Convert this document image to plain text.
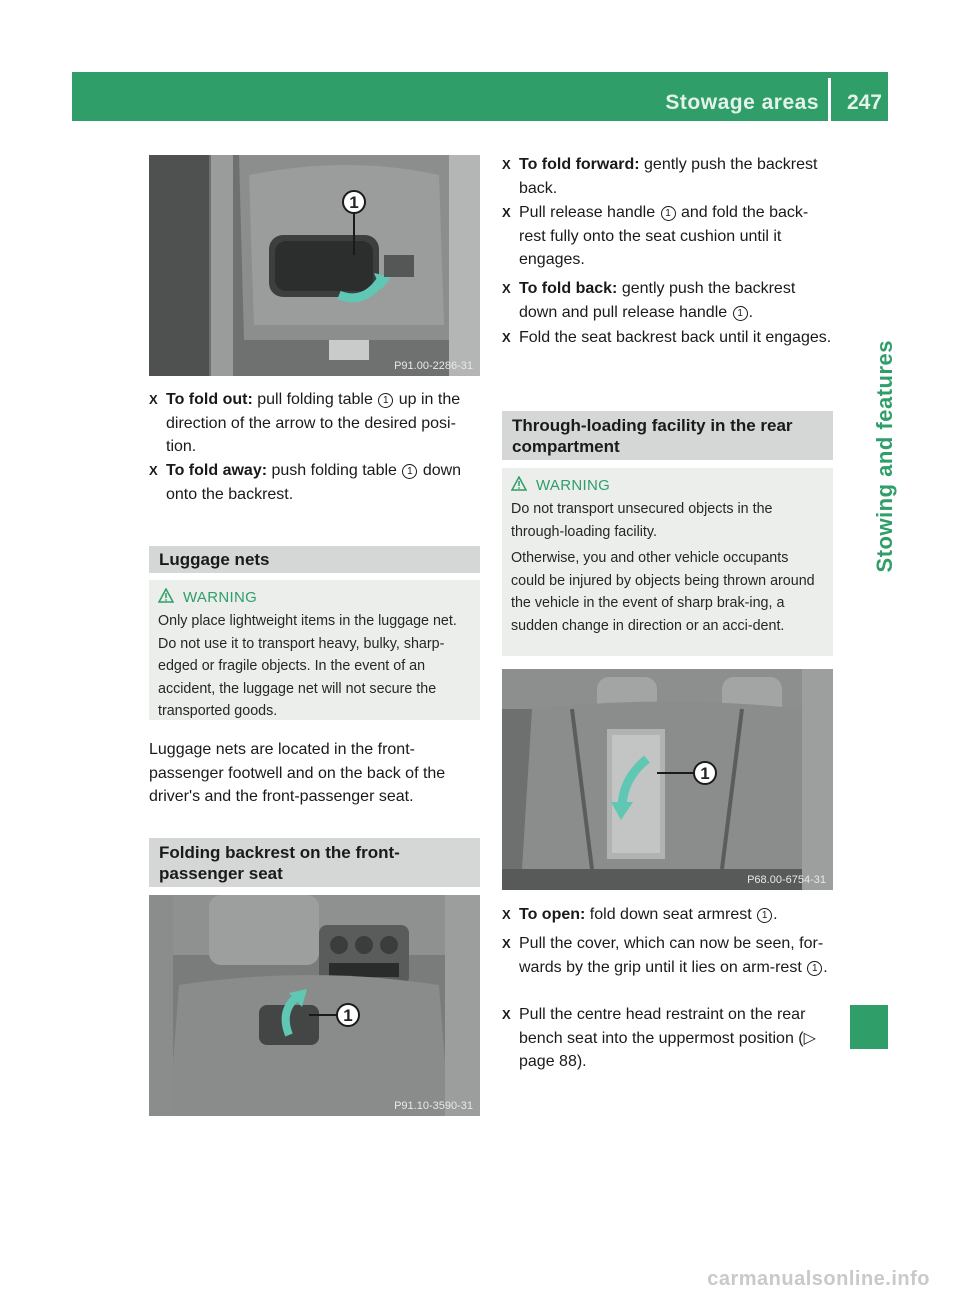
Stowage areas 247
Stowing and features
1
P91.00-2286-31
X To fold out: pull folding table 1 up in the direction of the arrow to the desired posi-tion.
X To fold away: push folding table 1 down onto the backrest.
Luggage nets
WARNING

Only place lightweight items in the luggage net. Do not use it to transport heavy, bulky, sharp-edged or fragile objects. In the event of an accident, the luggage net will not secure the transported goods.

Luggage nets are located in the front-passenger footwell and on the back of the driver's and the front-passenger seat.
Folding backrest on the front-passenger seat
1
P91.10-3590-31
X To fold forward: gently push the backrest back.
X Pull release handle 1 and fold the back-rest fully onto the seat cushion until it engages.
X To fold back: gently push the backrest down and pull release handle 1 .
X Fold the seat backrest back until it engages.
Through-loading facility in the rear compartment
WARNING

Do not transport unsecured objects in the through-loading facility.

Otherwise, you and other vehicle occupants could be injured by objects being thrown around the vehicle in the event of sharp brak-ing, a sudden change in direction or an acci-dent.

1
P68.00-6754-31
X To open: fold down seat armrest 1 .
X Pull the cover, which can now be seen, for-wards by the grip until it lies on arm-rest 1 .
X Pull the centre head restraint on the rear bench seat into the uppermost position (▷ page 88).
carmanualsonline.info
